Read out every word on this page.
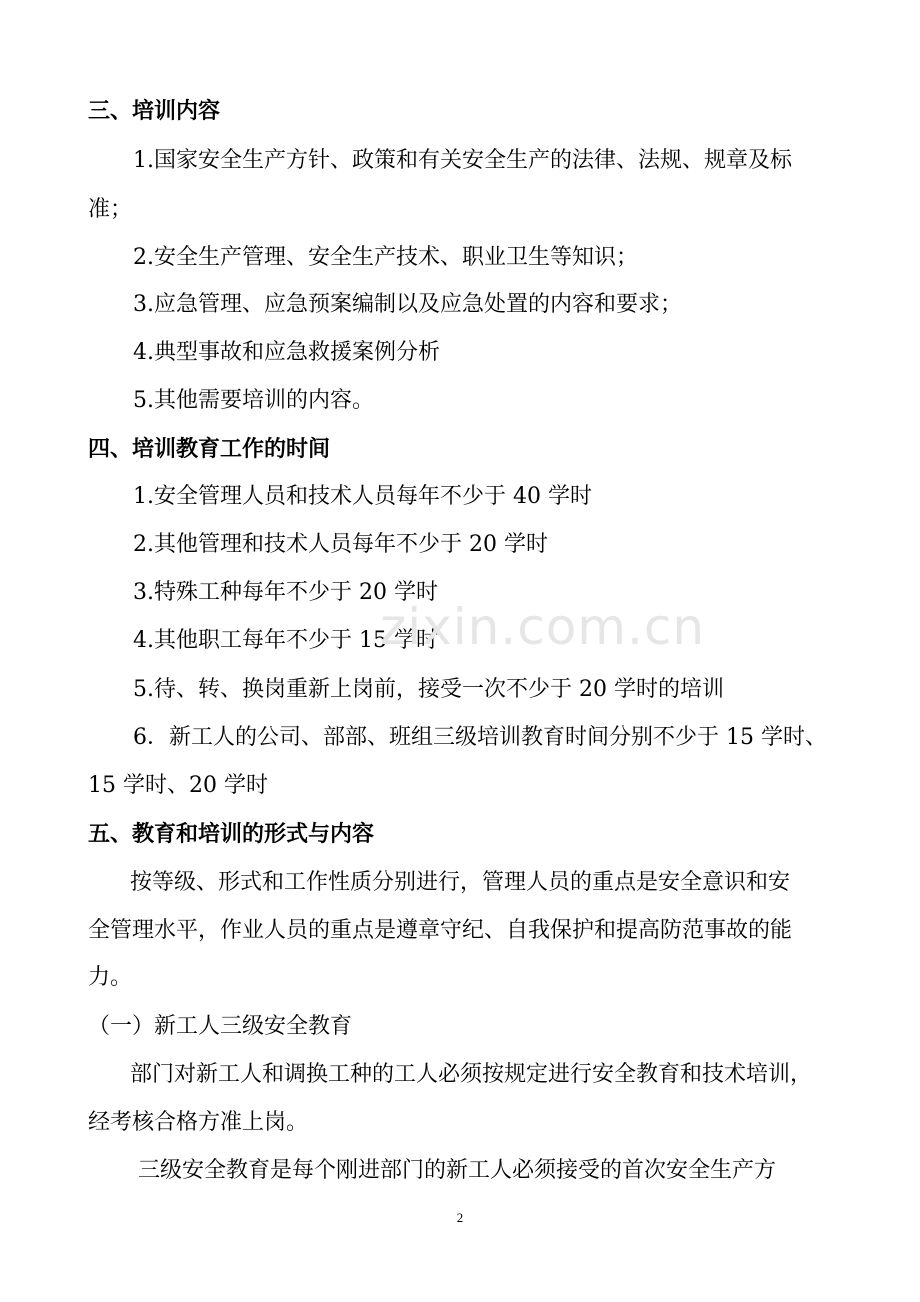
三、培训内容
1.国家安全生产方针、政策和有关安全生产的法律、法规、规章及标
准；
2.安全生产管理、安全生产技术、职业卫生等知识；
3.应急管理、应急预案编制以及应急处置的内容和要求；
4.典型事故和应急救援案例分析
5.其他需要培训的内容。
四、培训教育工作的时间
1.安全管理人员和技术人员每年不少于 40 学时
2.其他管理和技术人员每年不少于 20 学时
3.特殊工种每年不少于 20 学时
4.其他职工每年不少于 15 学时
5.待、转、换岗重新上岗前，接受一次不少于 20 学时的培训
6．新工人的公司、部部、班组三级培训教育时间分别不少于 15 学时、
15 学时、20 学时
五、教育和培训的形式与内容
按等级、形式和工作性质分别进行，管理人员的重点是安全意识和安
全管理水平，作业人员的重点是遵章守纪、自我保护和提高防范事故的能
力。
（一）新工人三级安全教育
部门对新工人和调换工种的工人必须按规定进行安全教育和技术培训，
经考核合格方准上岗。
三级安全教育是每个刚进部门的新工人必须接受的首次安全生产方
zixin.com.cn
2
